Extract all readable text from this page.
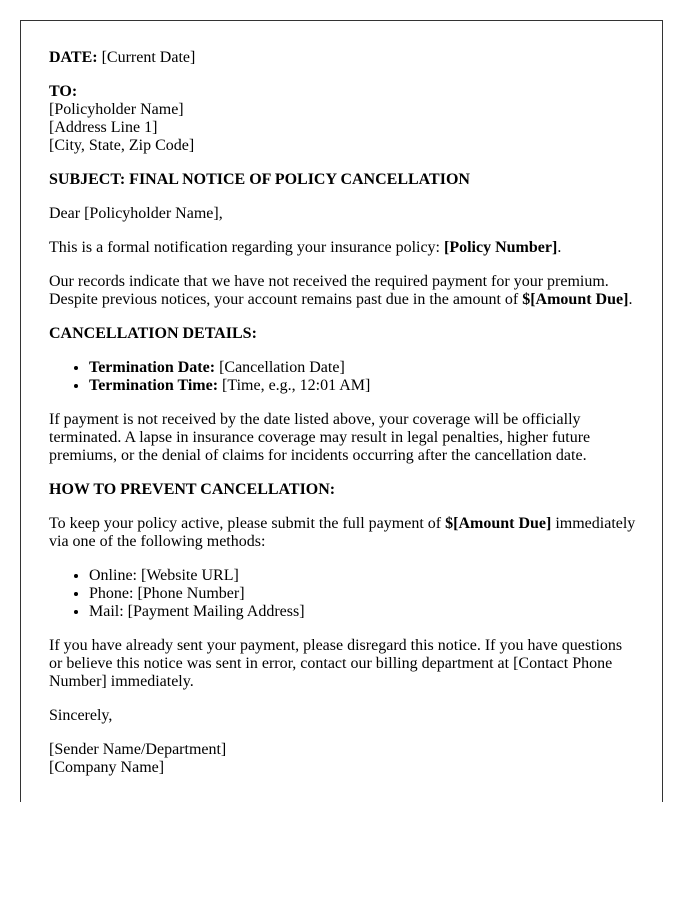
DATE: [Current Date]
TO:
[Policyholder Name]
[Address Line 1]
[City, State, Zip Code]
SUBJECT: FINAL NOTICE OF POLICY CANCELLATION

Dear [Policyholder Name],

This is a formal notification regarding your insurance policy: [Policy Number].

Our records indicate that we have not received the required payment for your premium. Despite previous notices, your account remains past due in the amount of $[Amount Due].

CANCELLATION DETAILS:
• Termination Date: [Cancellation Date]
• Termination Time: [Time, e.g., 12:01 AM]

If payment is not received by the date listed above, your coverage will be officially terminated. A lapse in insurance coverage may result in legal penalties, higher future premiums, or the denial of claims for incidents occurring after the cancellation date.

HOW TO PREVENT CANCELLATION:

To keep your policy active, please submit the full payment of $[Amount Due] immediately via one of the following methods:

• Online: [Website URL]
• Phone: [Phone Number]
• Mail: [Payment Mailing Address]

If you have already sent your payment, please disregard this notice. If you have questions or believe this notice was sent in error, contact our billing department at [Contact Phone Number] immediately.

Sincerely,

[Sender Name/Department]
[Company Name]
